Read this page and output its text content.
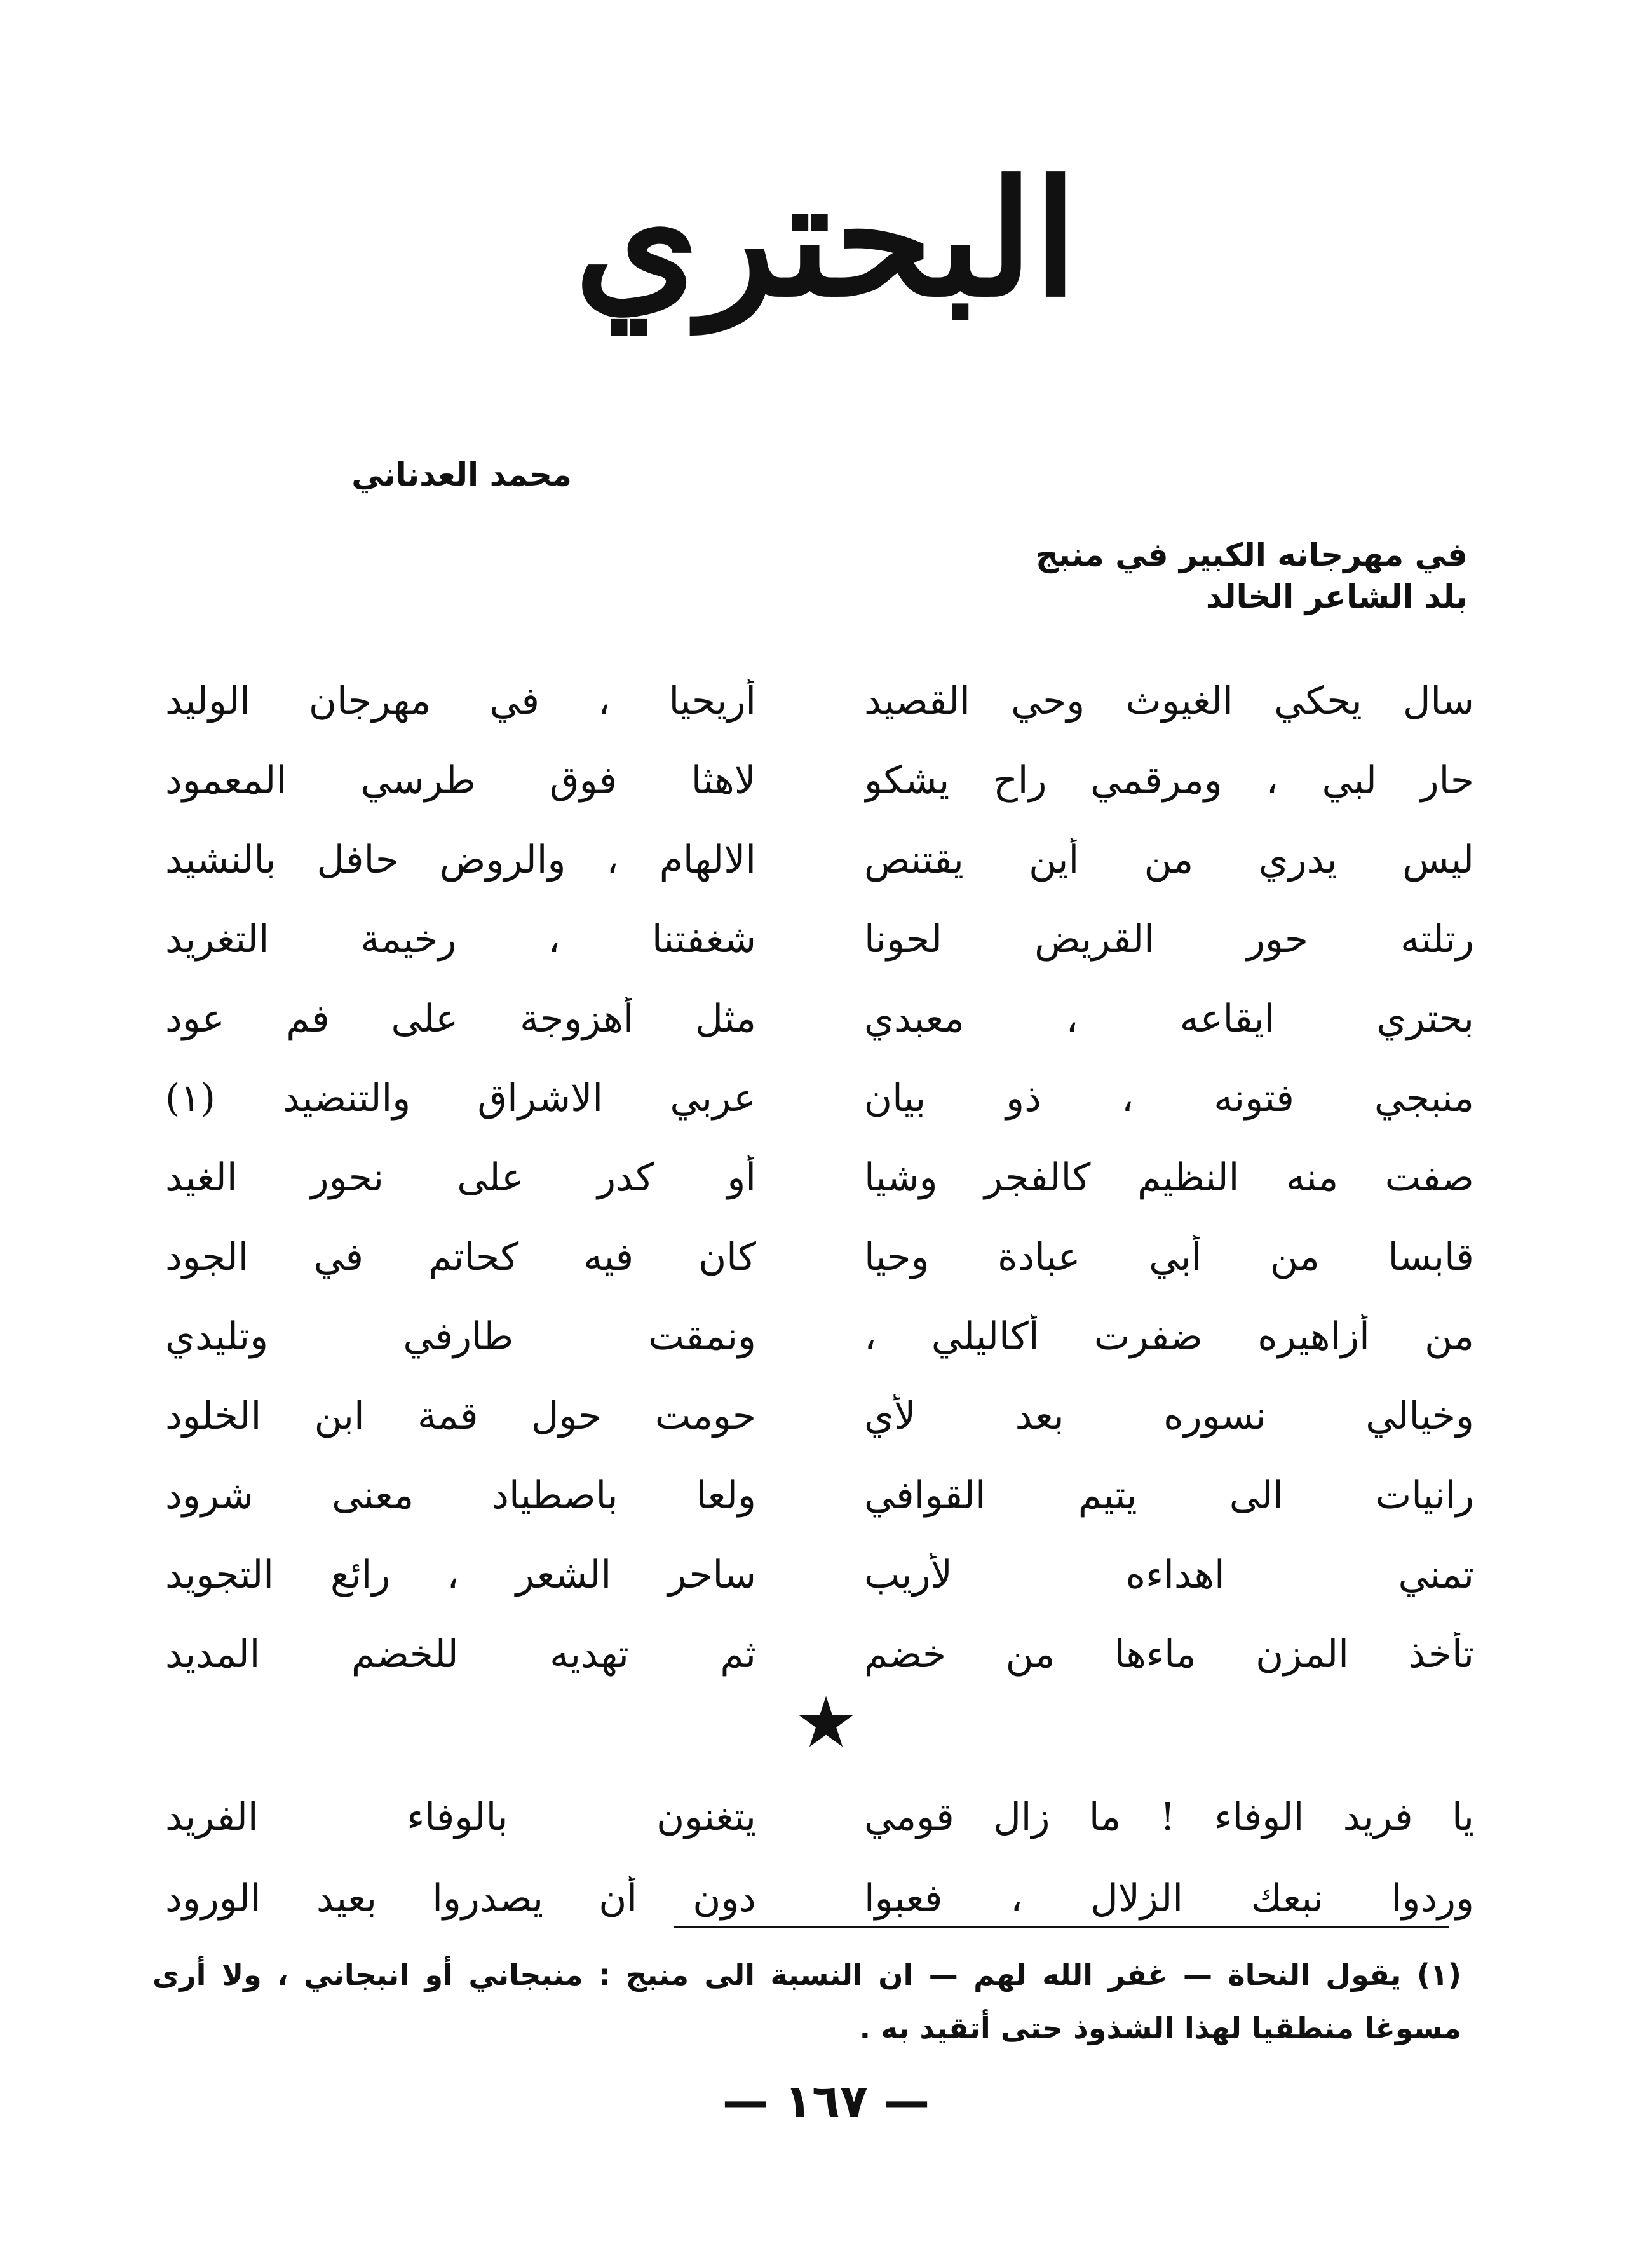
البحتري
محمد العدناني
في مهرجانه الكبير في منبج
بلد الشاعر الخالد
سال يحكي الغيوث وحي القصيد
أريحيا ، في مهرجان الوليد
حار لبي ، ومرقمي راح يشكو
لاهثا فوق طرسي المعمود
ليس يدري من أين يقتنص
الالهام ، والروض حافل بالنشيد
رتلته حور القريض لحونا
شغفتنا ، رخيمة التغريد
بحتري ايقاعه ، معبدي
مثل أهزوجة على فم عود
منبجي فتونه ، ذو بيان
عربي الاشراق والتنضيد (١)
صفت منه النظيم كالفجر وشيا
أو كدر على نحور الغيد
قابسا من أبي عبادة وحيا
كان فيه كحاتم في الجود
من أزاهيره ضفرت أكاليلي ،
ونمقت طارفي وتليدي
وخيالي نسوره بعد لأي
حومت حول قمة ابن الخلود
رانيات الى يتيم القوافي
ولعا باصطياد معنى شرود
تمني اهداءه لأريب
ساحر الشعر ، رائع التجويد
تأخذ المزن ماءها من خضم
ثم تهديه للخضم المديد
★
يا فريد الوفاء ! ما زال قومي
يتغنون بالوفاء الفريد
وردوا نبعك الزلال ، فعبوا
دون أن يصدروا بعيد الورود
(١) يقول النحاة — غفر الله لهم — ان النسبة الى منبج : منبجاني أو انبجاني ، ولا أرى مسوغا منطقيا لهذا الشذوذ حتى أتقيد به .
— ١٦٧ —
